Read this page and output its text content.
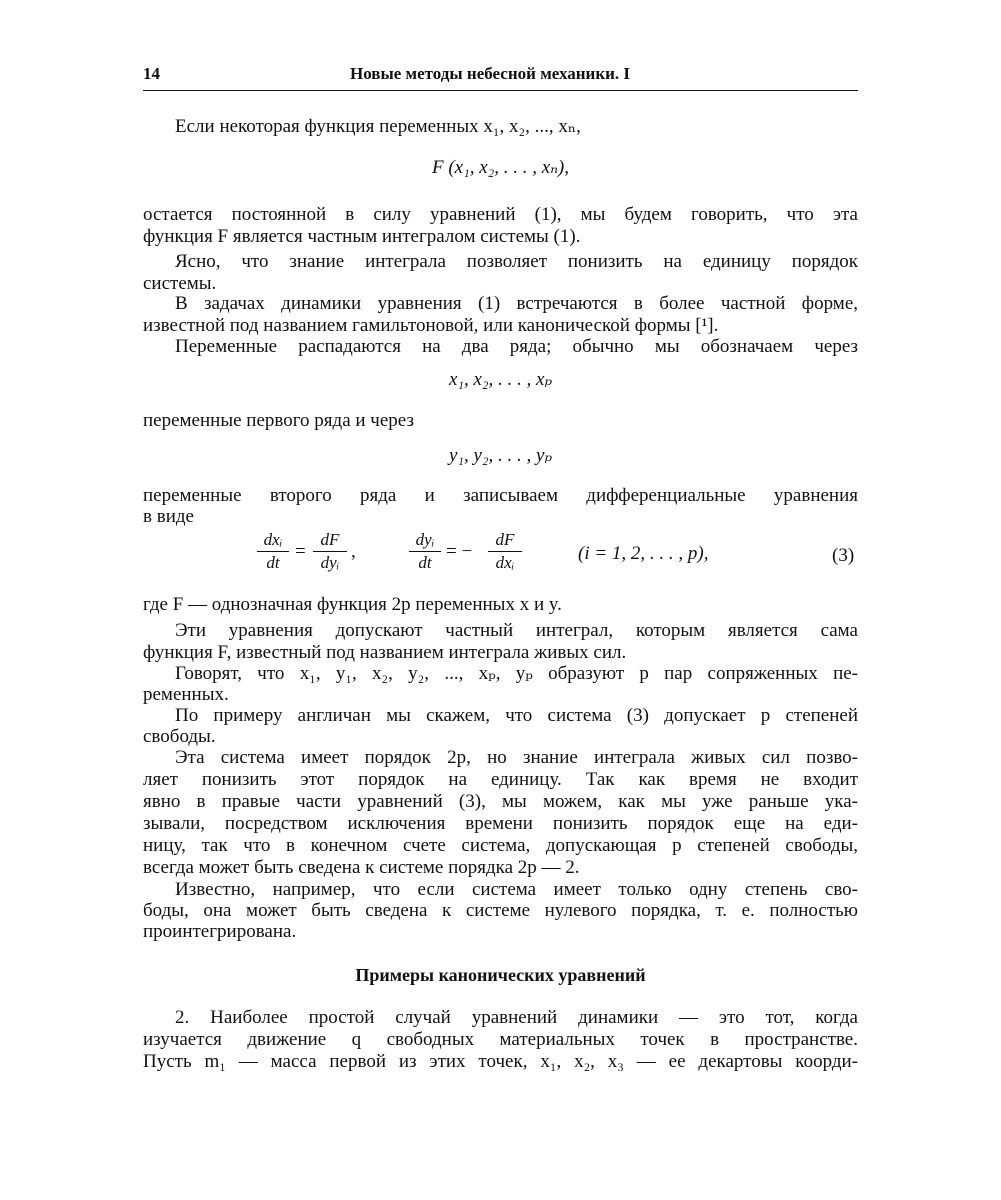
14	Новые методы небесной механики. I
Если некоторая функция переменных x₁, x₂, ..., xₙ,
F (x₁, x₂, . . . , xₙ),
остается постоянной в силу уравнений (1), мы будем говорить, что эта
функция F является частным интегралом системы (1).
Ясно, что знание интеграла позволяет понизить на единицу порядок
системы.
В задачах динамики уравнения (1) встречаются в более частной форме,
известной под названием гамильтоновой, или канонической формы [¹].
Переменные распадаются на два ряда; обычно мы обозначаем через
x₁, x₂, . . . , xₚ
переменные первого ряда и через
y₁, y₂, . . . , yₚ
переменные второго ряда и записываем дифференциальные уравнения
в виде
dxᵢ
dt
=
dF
dyᵢ
,
dyᵢ
dt
= −
dF
dxᵢ	(i = 1, 2, . . . , p),	(3)
где F — однозначная функция 2p переменных x и y.
Эти уравнения допускают частный интеграл, которым является сама
функция F, известный под названием интеграла живых сил.
Говорят, что x₁, y₁, x₂, y₂, ..., xₚ, yₚ образуют p пар сопряженных пе-
ременных.
По примеру англичан мы скажем, что система (3) допускает p степеней
свободы.
Эта система имеет порядок 2p, но знание интеграла живых сил позво-
ляет понизить этот порядок на единицу. Так как время не входит
явно в правые части уравнений (3), мы можем, как мы уже раньше ука-
зывали, посредством исключения времени понизить порядок еще на еди-
ницу, так что в конечном счете система, допускающая p степеней свободы,
всегда может быть сведена к системе порядка 2p — 2.
Известно, например, что если система имеет только одну степень сво-
боды, она может быть сведена к системе нулевого порядка, т. е. полностью
проинтегрирована.
Примеры канонических уравнений
2. Наиболее простой случай уравнений динамики — это тот, когда
изучается движение q свободных материальных точек в пространстве.
Пусть m₁ — масса первой из этих точек, x₁, x₂, x₃ — ее декартовы коорди-
